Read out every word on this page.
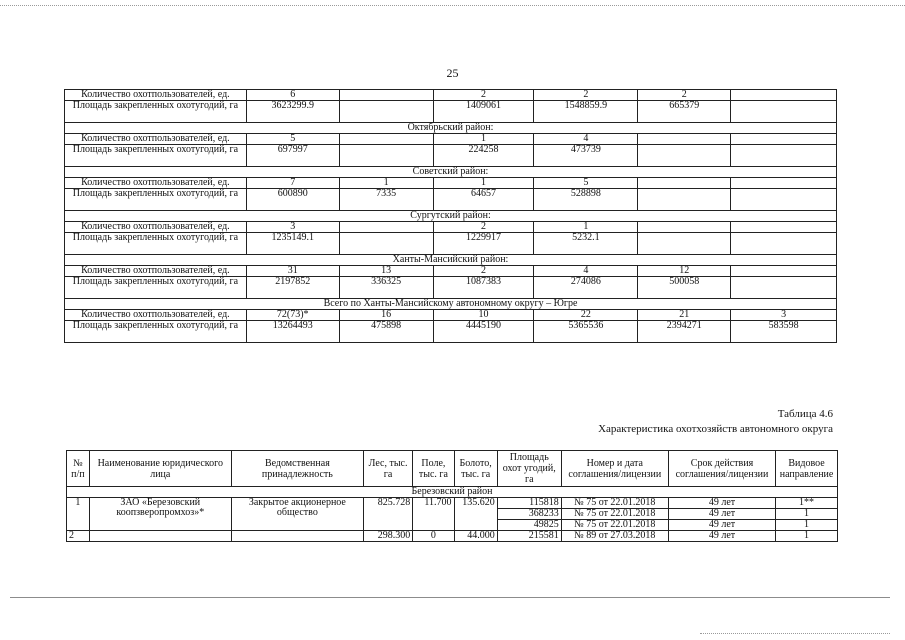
25
Количество охотпользователей, ед.	6		2	2	2	
Площадь закрепленных охотугодий, га	3623299.9		1409061	1548859.9	665379	
Октябрьский район:						
Количество охотпользователей, ед.	5		1	4		
Площадь закрепленных охотугодий, га	697997		224258	473739		
Советский район:						
Количество охотпользователей, ед.	7	1	1	5		
Площадь закрепленных охотугодий, га	600890	7335	64657	528898		
Сургутский район:						
Количество охотпользователей, ед.	3		2	1		
Площадь закрепленных охотугодий, га	1235149.1		1229917	5232.1		
Ханты-Мансийский район:						
Количество охотпользователей, ед.	31	13	2	4	12	
Площадь закрепленных охотугодий, га	2197852	336325	1087383	274086	500058	
Всего по Ханты-Мансийскому автономному округу – Югре						
Количество охотпользователей, ед.	72(73)*	16	10	22	21	3
Площадь закрепленных охотугодий, га	13264493	475898	4445190	5365536	2394271	583598
Таблица 4.6
Характеристика охотхозяйств автономного округа
№ п/п	Наименование юридического лица	Ведомственная принадлежность	Лес, тыс. га	Поле, тыс. га	Болото, тыс. га	Площадь охот угодий, га	Номер и дата соглашения/лицензии	Срок действия соглашения/лицензии	Видовое направление
Березовский район									
1	ЗАО «Березовский коопзверопромхоз»*	Закрытое акционерное общество	825.728	11.700	135.620	115818	№ 75 от 22.01.2018	49 лет	1**
						368233	№ 75 от 22.01.2018	49 лет	1
						49825	№ 75 от 22.01.2018	49 лет	1
2			298.300	0	44.000	215581	№ 89 от 27.03.2018	49 лет	1
